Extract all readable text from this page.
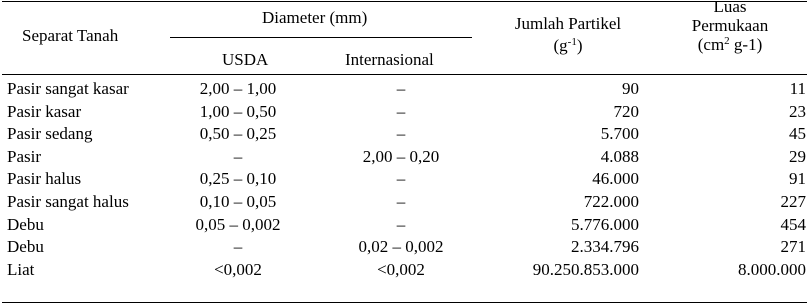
Separat Tanah
Diameter (mm)
USDA	Internasional
Jumlah Partikel
$(g^{-1})$
Luas
Permukaan
($cm^2$ g-1)
Pasir sangat kasar	2,00 – 1,00	–	90	11
Pasir kasar	1,00 – 0,50	–	720	23
Pasir sedang	0,50 – 0,25	–	5.700	45
Pasir	–	2,00 – 0,20	4.088	29
Pasir halus	0,25 – 0,10	–	46.000	91
Pasir sangat halus	0,10 – 0,05	–	722.000	227
Debu	0,05 – 0,002	–	5.776.000	454
Debu	–	0,02 – 0,002	2.334.796	271
Liat	<0,002	<0,002	90.250.853.000	8.000.000
